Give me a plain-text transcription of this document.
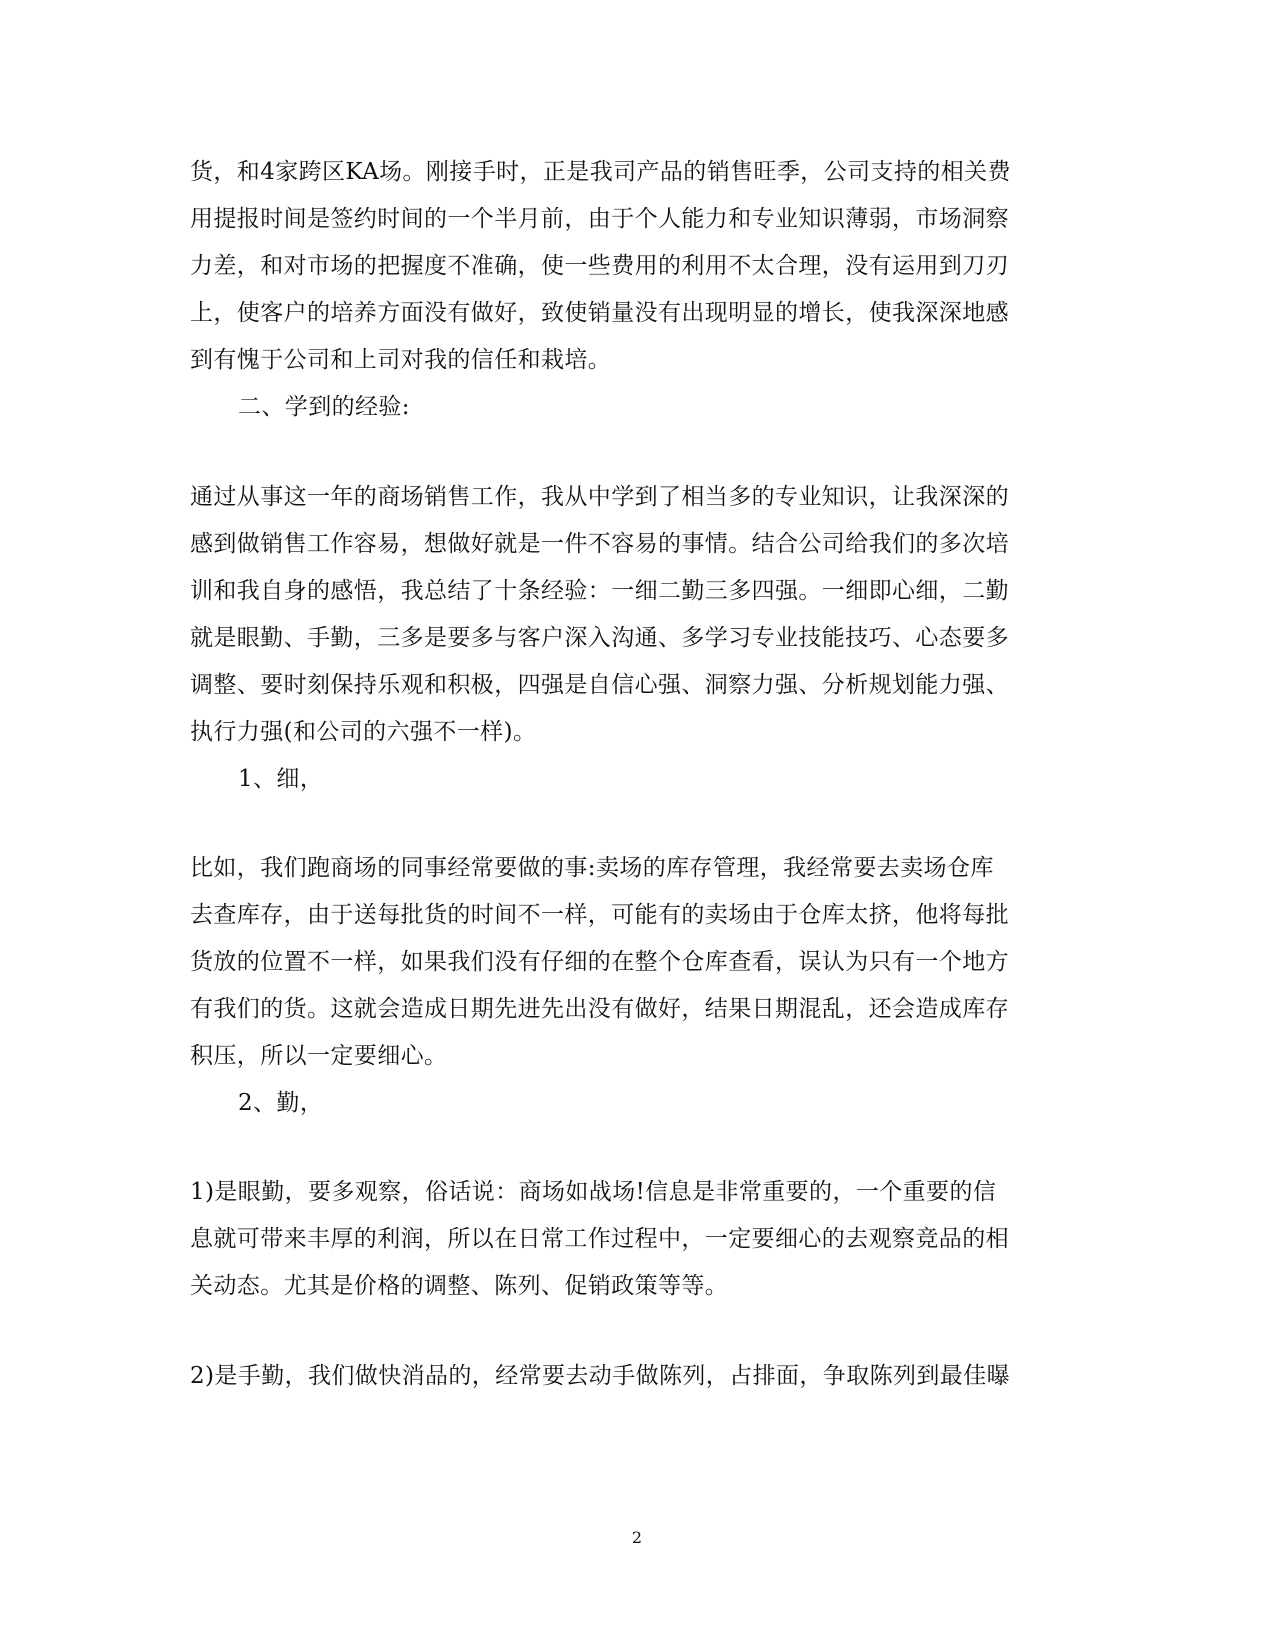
货，和4家跨区KA场。刚接手时，正是我司产品的销售旺季，公司支持的相关费
用提报时间是签约时间的一个半月前，由于个人能力和专业知识薄弱，市场洞察
力差，和对市场的把握度不准确，使一些费用的利用不太合理，没有运用到刀刃
上，使客户的培养方面没有做好，致使销量没有出现明显的增长，使我深深地感
到有愧于公司和上司对我的信任和栽培。
二、学到的经验:
通过从事这一年的商场销售工作，我从中学到了相当多的专业知识，让我深深的
感到做销售工作容易，想做好就是一件不容易的事情。结合公司给我们的多次培
训和我自身的感悟，我总结了十条经验：一细二勤三多四强。一细即心细，二勤
就是眼勤、手勤，三多是要多与客户深入沟通、多学习专业技能技巧、心态要多
调整、要时刻保持乐观和积极，四强是自信心强、洞察力强、分析规划能力强、
执行力强(和公司的六强不一样)。
1、细，
比如，我们跑商场的同事经常要做的事:卖场的库存管理，我经常要去卖场仓库
去查库存，由于送每批货的时间不一样，可能有的卖场由于仓库太挤，他将每批
货放的位置不一样，如果我们没有仔细的在整个仓库查看，误认为只有一个地方
有我们的货。这就会造成日期先进先出没有做好，结果日期混乱，还会造成库存
积压，所以一定要细心。
2、勤，
1)是眼勤，要多观察，俗话说：商场如战场!信息是非常重要的，一个重要的信
息就可带来丰厚的利润，所以在日常工作过程中，一定要细心的去观察竞品的相
关动态。尤其是价格的调整、陈列、促销政策等等。
2)是手勤，我们做快消品的，经常要去动手做陈列，占排面，争取陈列到最佳曝
2
